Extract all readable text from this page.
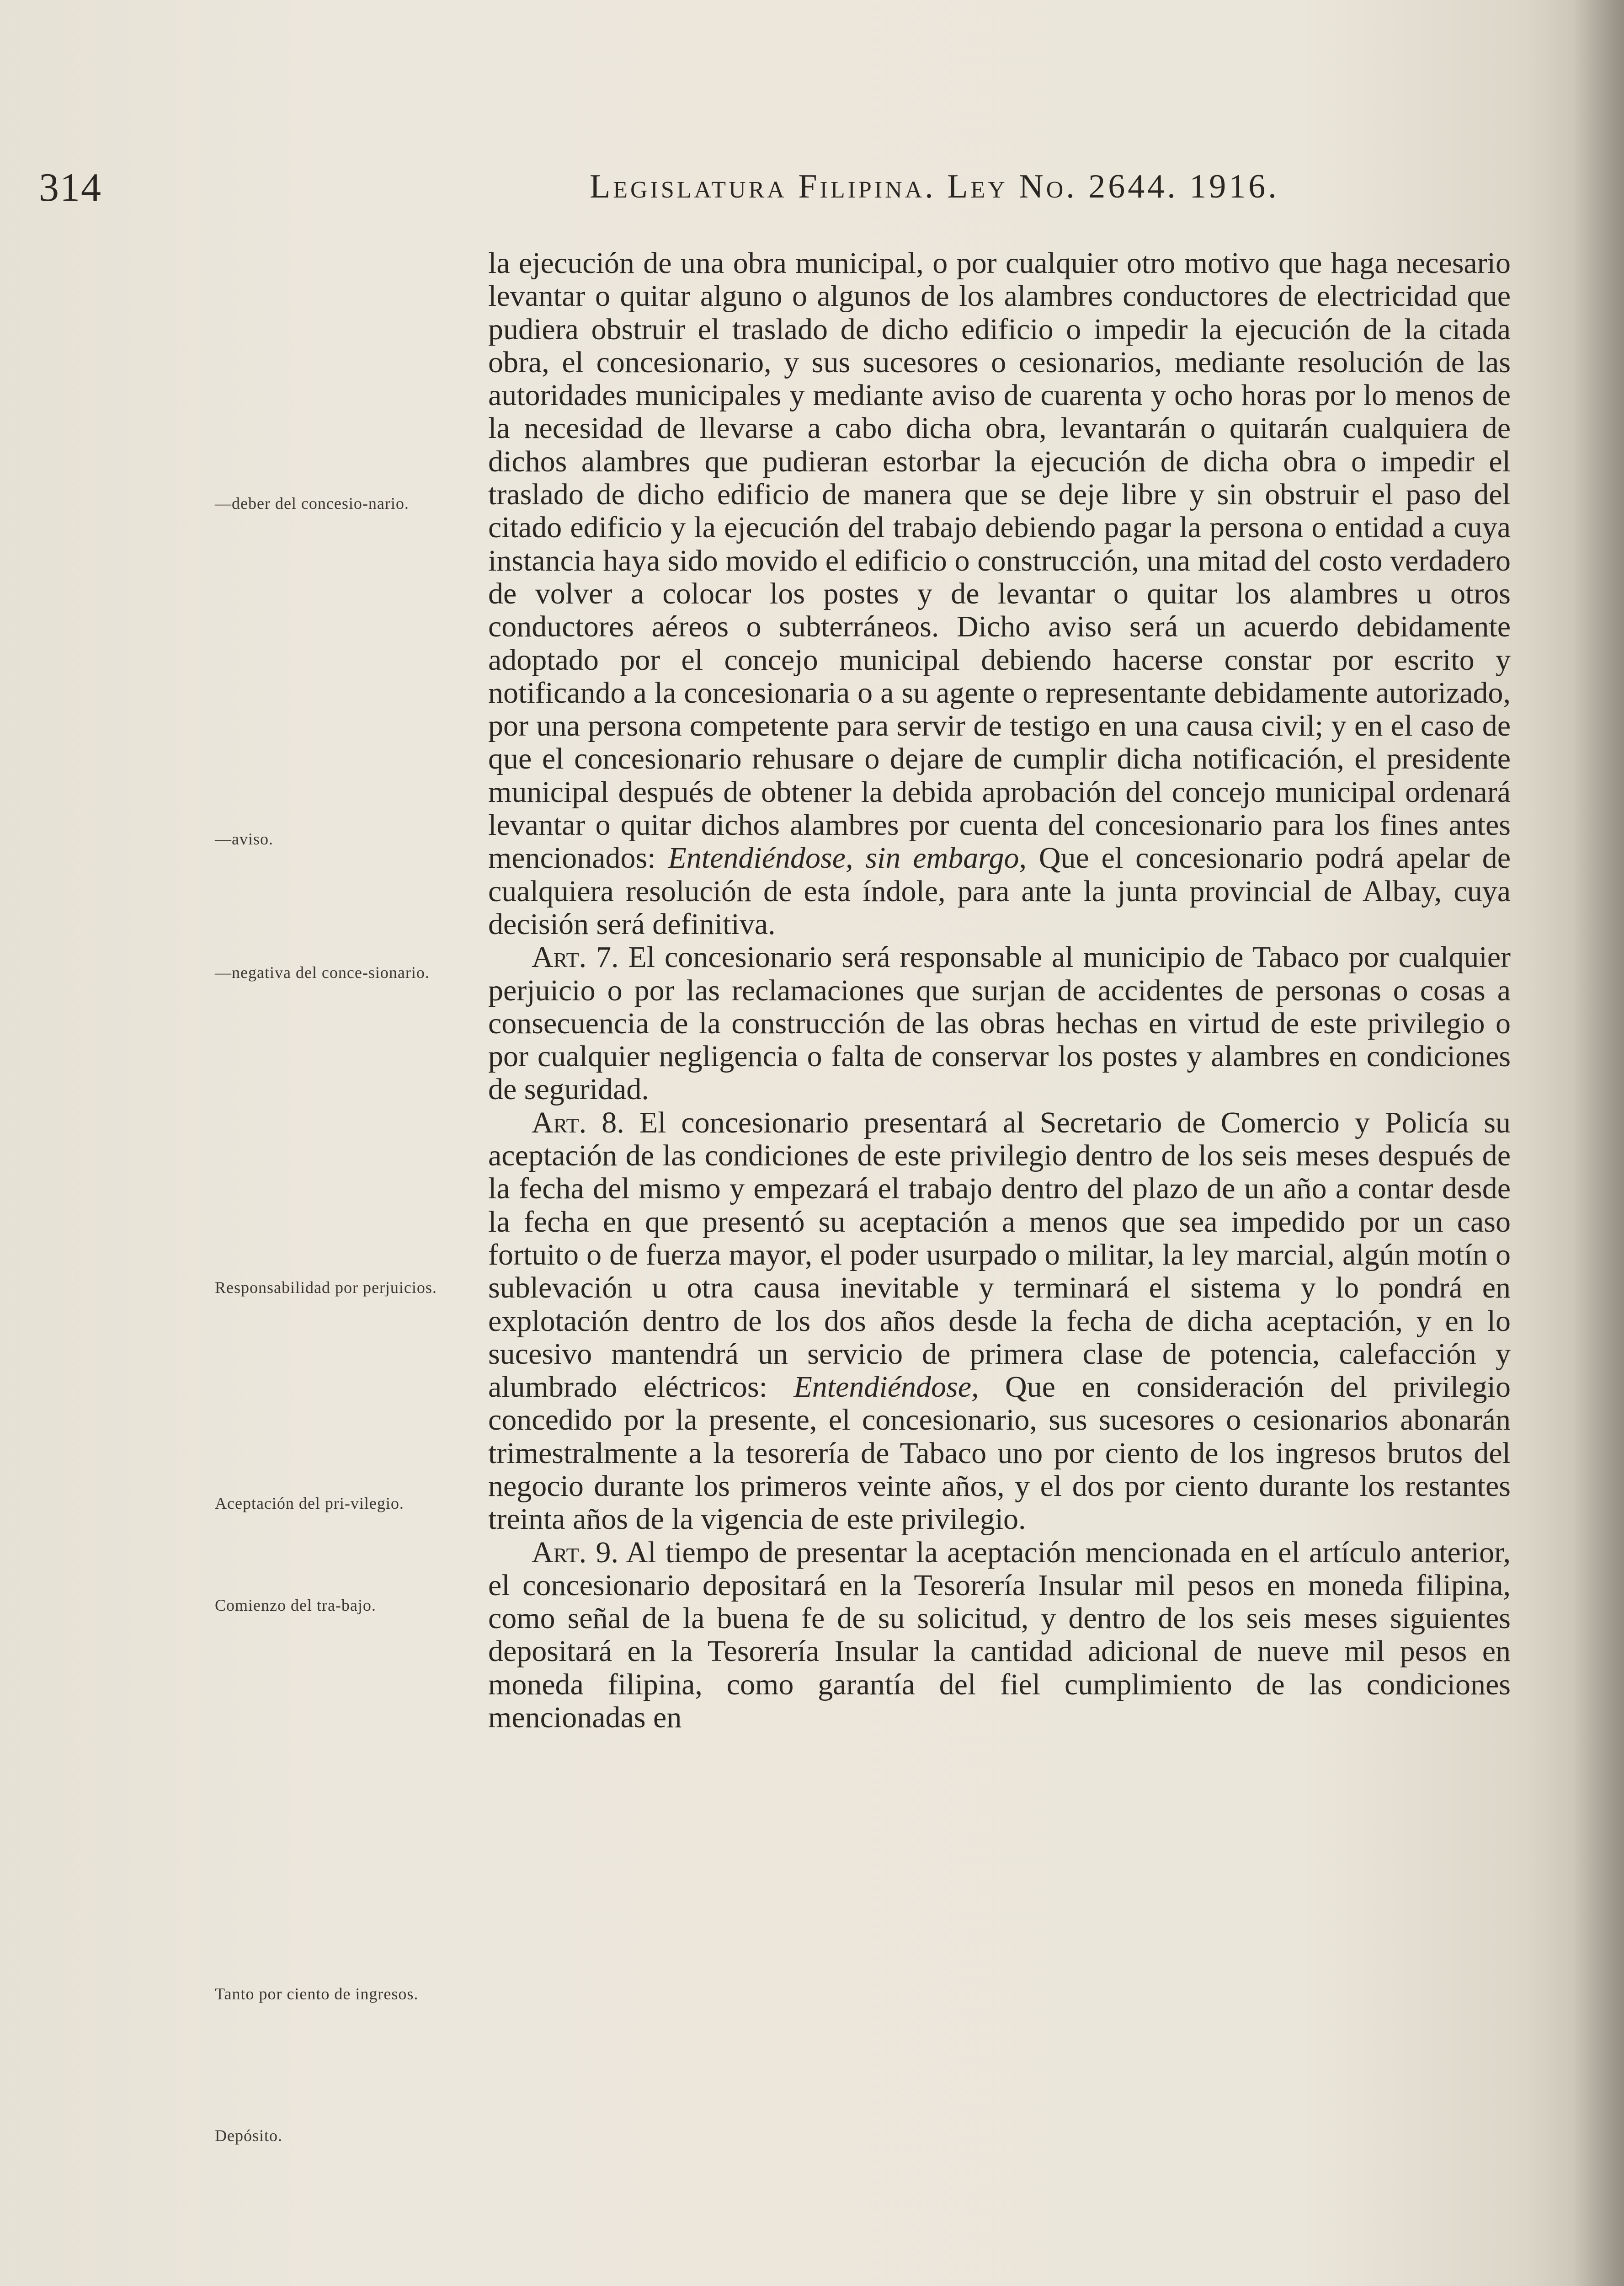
314	Legislatura Filipina. Ley No. 2644. 1916.
—deber del concesio-nario.
—aviso.
—negativa del conce-sionario.
Responsabilidad por perjuicios.
Aceptación del pri-vilegio.
Comienzo del tra-bajo.
Tanto por ciento de ingresos.
Depósito.

la ejecución de una obra municipal, o por cualquier otro motivo que haga necesario levantar o quitar alguno o algunos de los alambres conductores de electricidad que pudiera obstruir el traslado de dicho edificio o impedir la ejecución de la citada obra, el concesionario, y sus sucesores o cesionarios, mediante resolución de las autoridades municipales y mediante aviso de cuarenta y ocho horas por lo menos de la necesidad de llevarse a cabo dicha obra, levantarán o quitarán cualquiera de dichos alambres que pudieran estorbar la ejecución de dicha obra o impedir el traslado de dicho edificio de manera que se deje libre y sin obstruir el paso del citado edificio y la ejecución del trabajo debiendo pagar la persona o entidad a cuya instancia haya sido movido el edificio o construcción, una mitad del costo verdadero de volver a colocar los postes y de levantar o quitar los alambres u otros conductores aéreos o subterráneos. Dicho aviso será un acuerdo debidamente adoptado por el concejo municipal debiendo hacerse constar por escrito y notificando a la concesionaria o a su agente o representante debidamente autorizado, por una persona competente para servir de testigo en una causa civil; y en el caso de que el concesionario rehusare o dejare de cumplir dicha notificación, el presidente municipal después de obtener la debida aprobación del concejo municipal ordenará levantar o quitar dichos alambres por cuenta del concesionario para los fines antes mencionados: Entendiéndose, sin embargo, Que el concesionario podrá apelar de cualquiera resolución de esta índole, para ante la junta provincial de Albay, cuya decisión será definitiva.

Art. 7. El concesionario será responsable al municipio de Tabaco por cualquier perjuicio o por las reclamaciones que surjan de accidentes de personas o cosas a consecuencia de la construcción de las obras hechas en virtud de este privilegio o por cualquier negligencia o falta de conservar los postes y alambres en condiciones de seguridad.

Art. 8. El concesionario presentará al Secretario de Comercio y Policía su aceptación de las condiciones de este privilegio dentro de los seis meses después de la fecha del mismo y empezará el trabajo dentro del plazo de un año a contar desde la fecha en que presentó su aceptación a menos que sea impedido por un caso fortuito o de fuerza mayor, el poder usurpado o militar, la ley marcial, algún motín o sublevación u otra causa inevitable y terminará el sistema y lo pondrá en explotación dentro de los dos años desde la fecha de dicha aceptación, y en lo sucesivo mantendrá un servicio de primera clase de potencia, calefacción y alumbrado eléctricos: Entendiéndose, Que en consideración del privilegio concedido por la presente, el concesionario, sus sucesores o cesionarios abonarán trimestralmente a la tesorería de Tabaco uno por ciento de los ingresos brutos del negocio durante los primeros veinte años, y el dos por ciento durante los restantes treinta años de la vigencia de este privilegio.

Art. 9. Al tiempo de presentar la aceptación mencionada en el artículo anterior, el concesionario depositará en la Tesorería Insular mil pesos en moneda filipina, como señal de la buena fe de su solicitud, y dentro de los seis meses siguientes depositará en la Tesorería Insular la cantidad adicional de nueve mil pesos en moneda filipina, como garantía del fiel cumplimiento de las condiciones mencionadas en
